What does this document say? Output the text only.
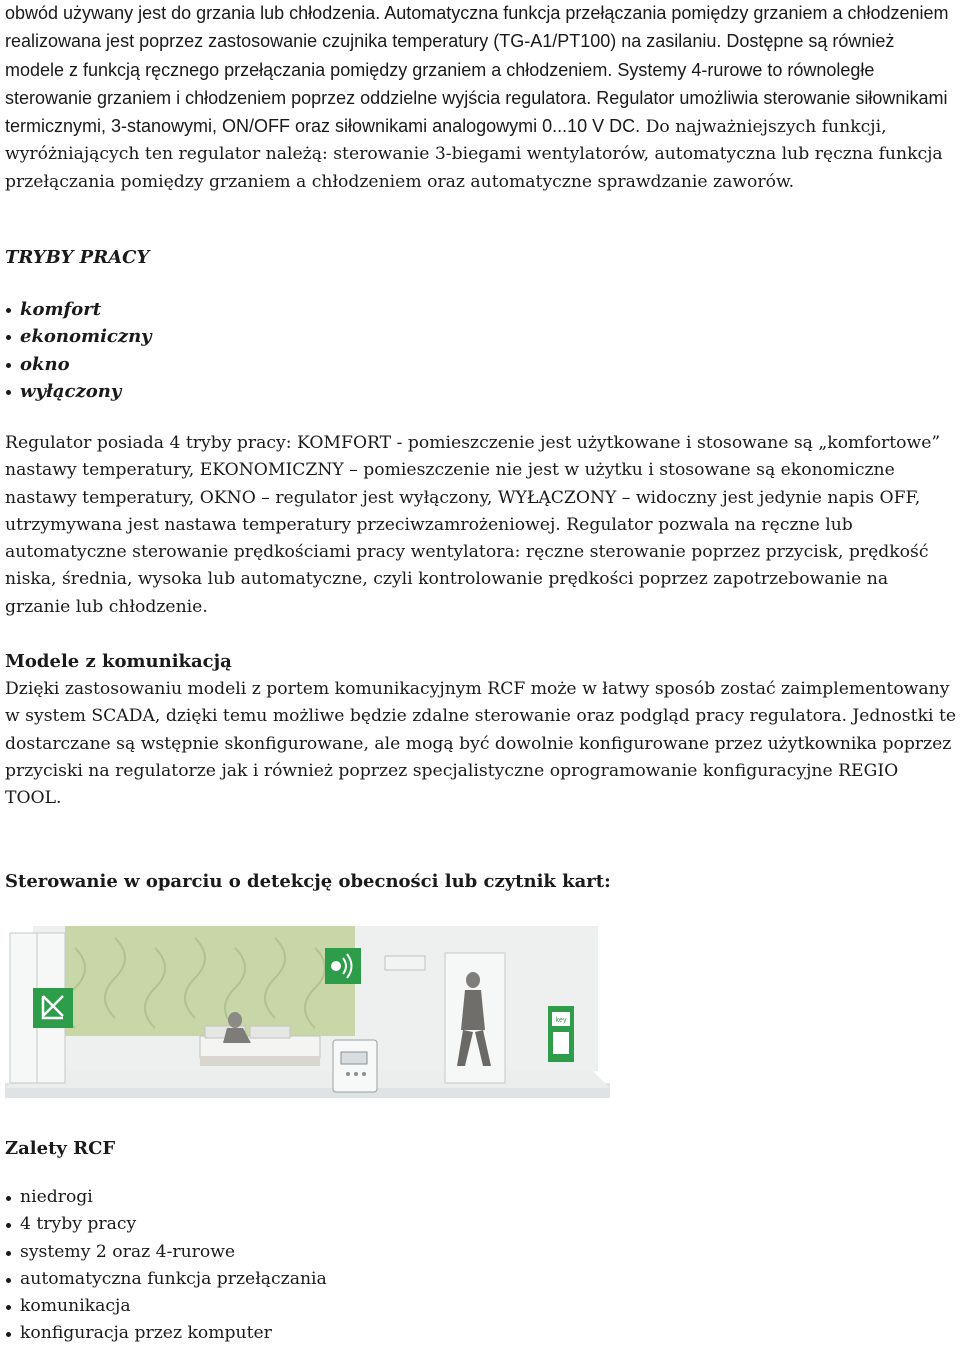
obwód używany jest do grzania lub chłodzenia. Automatyczna funkcja przełączania pomiędzy grzaniem a chłodzeniem realizowana jest poprzez zastosowanie czujnika temperatury (TG-A1/PT100) na zasilaniu. Dostępne są również modele z funkcją ręcznego przełączania pomiędzy grzaniem a chłodzeniem. Systemy 4-rurowe to równoległe sterowanie grzaniem i chłodzeniem poprzez oddzielne wyjścia regulatora. Regulator umożliwia sterowanie siłownikami termicznymi, 3-stanowymi, ON/OFF oraz siłownikami analogowymi 0...10 V DC. Do najważniejszych funkcji, wyróżniających ten regulator należą: sterowanie 3-biegami wentylatorów, automatyczna lub ręczna funkcja przełączania pomiędzy grzaniem a chłodzeniem oraz automatyczne sprawdzanie zaworów.

TRYBY PRACY

komfort
ekonomiczny
okno
wyłączony

Regulator posiada 4 tryby pracy: KOMFORT - pomieszczenie jest użytkowane i stosowane są „komfortowe” nastawy temperatury, EKONOMICZNY – pomieszczenie nie jest w użytku i stosowane są ekonomiczne nastawy temperatury, OKNO – regulator jest wyłączony, WYŁĄCZONY – widoczny jest jedynie napis OFF, utrzymywana jest nastawa temperatury przeciwzamrożeniowej. Regulator pozwala na ręczne lub automatyczne sterowanie prędkościami pracy wentylatora: ręczne sterowanie poprzez przycisk, prędkość niska, średnia, wysoka lub automatyczne, czyli kontrolowanie prędkości poprzez zapotrzebowanie na grzanie lub chłodzenie.

Modele z komunikacją

Dzięki zastosowaniu modeli z portem komunikacyjnym RCF może w łatwy sposób zostać zaimplementowany w system SCADA, dzięki temu możliwe będzie zdalne sterowanie oraz podgląd pracy regulatora. Jednostki te dostarczane są wstępnie skonfigurowane, ale mogą być dowolnie konfigurowane przez użytkownika poprzez przyciski na regulatorze jak i również poprzez specjalistyczne oprogramowanie konfiguracyjne REGIO TOOL.

Sterowanie w oparciu o detekcję obecności lub czytnik kart:

key

Zalety RCF

niedrogi
4 tryby pracy
systemy 2 oraz 4-rurowe
automatyczna funkcja przełączania
komunikacja
konfiguracja przez komputer
